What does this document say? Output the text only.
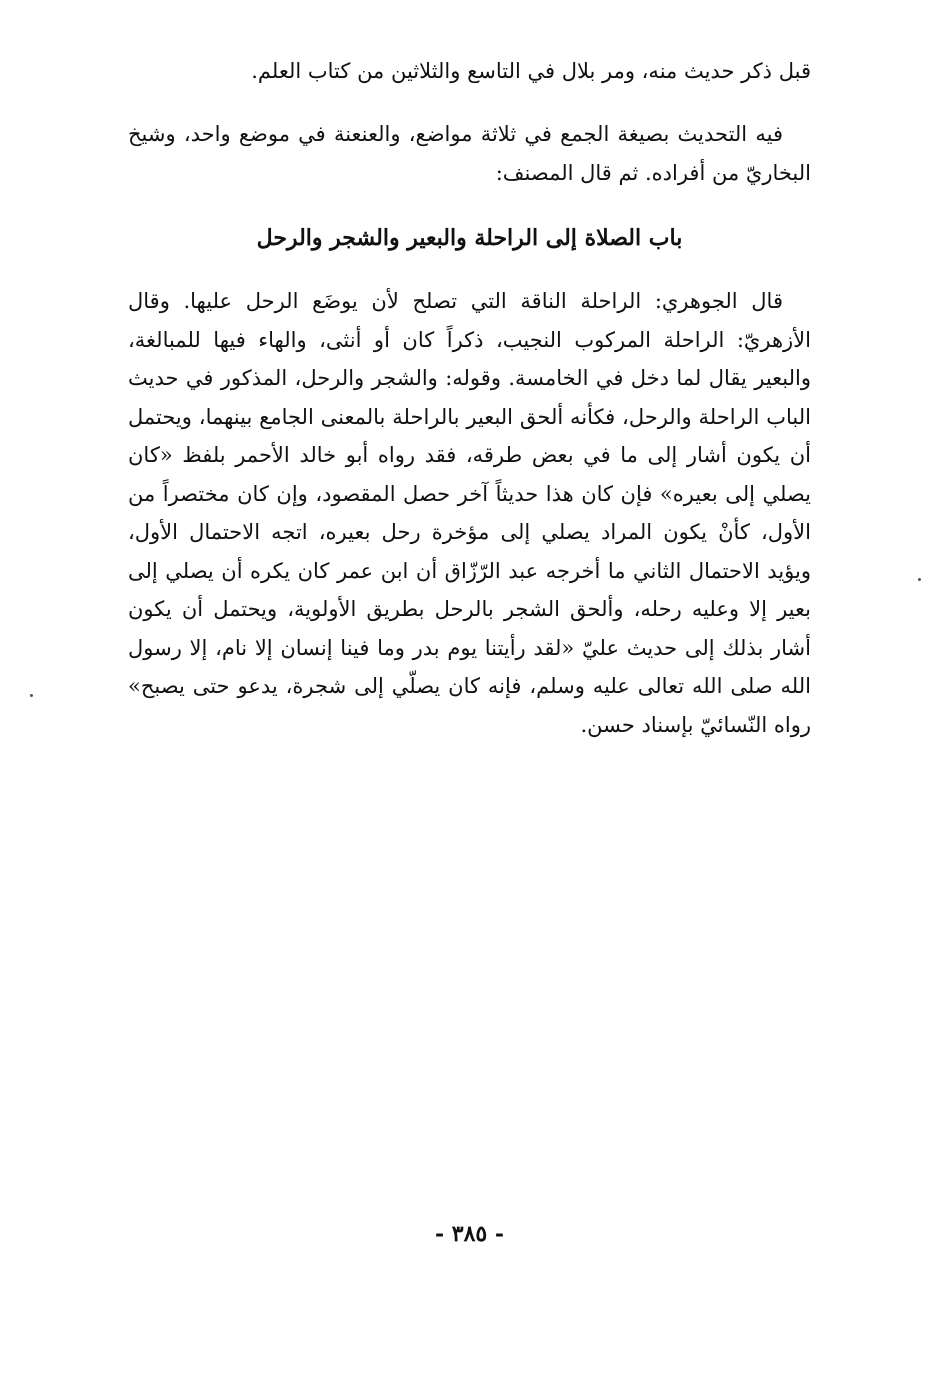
قبل ذكر حديث منه، ومر بلال في التاسع والثلاثين من كتاب العلم.

فيه التحديث بصيغة الجمع في ثلاثة مواضع، والعنعنة في موضع واحد، وشيخ البخاريّ من أفراده. ثم قال المصنف:

باب الصلاة إلى الراحلة والبعير والشجر والرحل

قال الجوهري: الراحلة الناقة التي تصلح لأن يوضَع الرحل عليها. وقال الأزهريّ: الراحلة المركوب النجيب، ذكراً كان أو أنثى، والهاء فيها للمبالغة، والبعير يقال لما دخل في الخامسة. وقوله: والشجر والرحل، المذكور في حديث الباب الراحلة والرحل، فكأنه ألحق البعير بالراحلة بالمعنى الجامع بينهما، ويحتمل أن يكون أشار إلى ما في بعض طرقه، فقد رواه أبو خالد الأحمر بلفظ «كان يصلي إلى بعيره» فإن كان هذا حديثاً آخر حصل المقصود، وإن كان مختصراً من الأول، كأنْ يكون المراد يصلي إلى مؤخرة رحل بعيره، اتجه الاحتمال الأول، ويؤيد الاحتمال الثاني ما أخرجه عبد الرّزّاق أن ابن عمر كان يكره أن يصلي إلى بعير إلا وعليه رحله، وألحق الشجر بالرحل بطريق الأولوية، ويحتمل أن يكون أشار بذلك إلى حديث عليّ «لقد رأيتنا يوم بدر وما فينا إنسان إلا نام، إلا رسول الله صلى الله تعالى عليه وسلم، فإنه كان يصلّي إلى شجرة، يدعو حتى يصبح» رواه النّسائيّ بإسناد حسن.

- ٣٨٥ -
